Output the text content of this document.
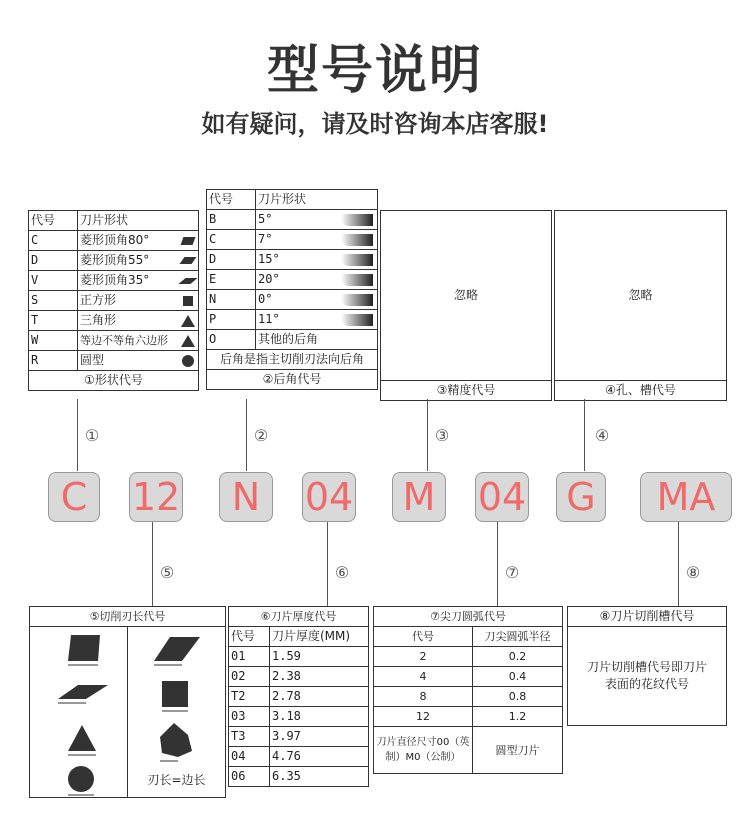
型号说明
如有疑问，请及时咨询本店客服!
代号	刀片形状	
C	菱形顶角80°	
D	菱形顶角55°	
V	菱形顶角35°	
S	正方形	
T	三角形	
W	等边不等角六边形	
R	圆型	
①形状代号		
代号	刀片形状	
B	5°	
C	7°	
D	15°	
E	20°	
N	0°	
P	11°	
O	其他的后角	
后角是指主切削刃法向后角		
②后角代号		
忽略
③精度代号
忽略
④孔、槽代号
①	②	③	④
C	12	N	04 M 04 G	MA
⑤	⑥	⑦	⑧
⑤切削刃长代号
刃长=边长
⑥刀片厚度代号	
代号	刀片厚度(MM)
01	1.59
02	2.38
T2	2.78
03	3.18
T3	3.97
04	4.76
06	6.35
⑦尖刀圆弧代号	
代号	刀尖圆弧半径
2	0.2
4	0.4
8	0.8
12	1.2
刀片直径尺寸00（英制）M0（公制）	圆型刀片
⑧刀片切削槽代号
刀片切削槽代号即刀片表面的花纹代号
